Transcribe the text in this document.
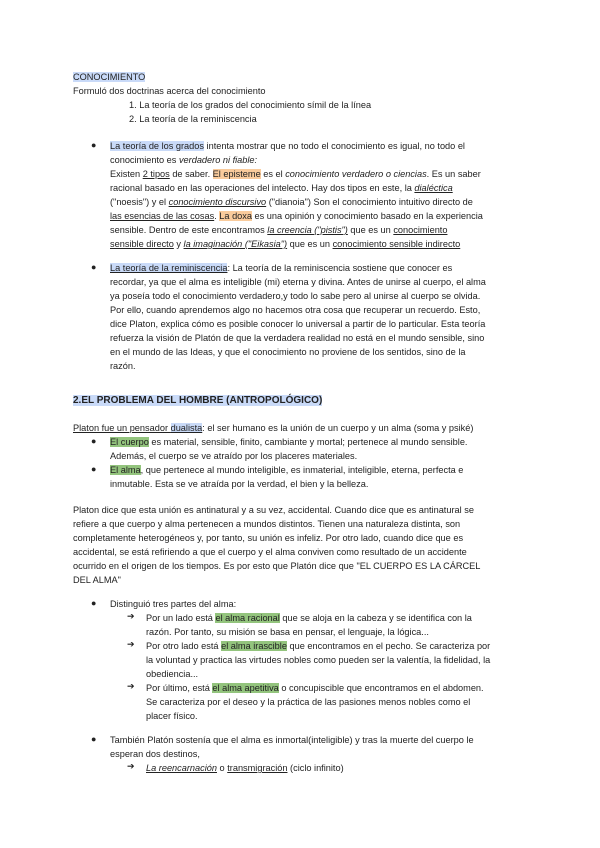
CONOCIMIENTO

Formuló dos doctrinas acerca del conocimiento

1. La teoría de los grados del conocimiento símil de la línea

2. La teoría de la reminiscencia

● La teoría de los grados intenta mostrar que no todo el conocimiento es igual, no todo el

conocimiento es verdadero ni fiable:

Existen 2 tipos de saber. El episteme es el conocimiento verdadero o ciencias. Es un saber

racional basado en las operaciones del intelecto. Hay dos tipos en este, la dialéctica

("noesis") y el conocimiento discursivo ("dianoia") Son el conocimiento intuitivo directo de

las esencias de las cosas. La doxa es una opinión y conocimiento basado en la experiencia

sensible. Dentro de este encontramos la creencia ("pistis") que es un conocimiento

sensible directo y la imaginación ("Eikasia") que es un conocimiento sensible indirecto

● La teoría de la reminiscencia: La teoría de la reminiscencia sostiene que conocer es

recordar, ya que el alma es inteligible (mi) eterna y divina. Antes de unirse al cuerpo, el alma

ya poseía todo el conocimiento verdadero,y todo lo sabe pero al unirse al cuerpo se olvida.

Por ello, cuando aprendemos algo no hacemos otra cosa que recuperar un recuerdo. Esto,

dice Platon, explica cómo es posible conocer lo universal a partir de lo particular. Esta teoría

refuerza la visión de Platón de que la verdadera realidad no está en el mundo sensible, sino

en el mundo de las Ideas, y que el conocimiento no proviene de los sentidos, sino de la

razón.

2.EL PROBLEMA DEL HOMBRE (ANTROPOLÓGICO)

Platon fue un pensador dualista: el ser humano es la unión de un cuerpo y un alma (soma y psiké)

● El cuerpo es material, sensible, finito, cambiante y mortal; pertenece al mundo sensible.

Además, el cuerpo se ve atraído por los placeres materiales.

● El alma, que pertenece al mundo inteligible, es inmaterial, inteligible, eterna, perfecta e

inmutable. Esta se ve atraída por la verdad, el bien y la belleza.

Platon dice que esta unión es antinatural y a su vez, accidental. Cuando dice que es antinatural se

refiere a que cuerpo y alma pertenecen a mundos distintos. Tienen una naturaleza distinta, son

completamente heterogéneos y, por tanto, su unión es infeliz. Por otro lado, cuando dice que es

accidental, se está refiriendo a que el cuerpo y el alma conviven como resultado de un accidente

ocurrido en el origen de los tiempos. Es por esto que Platón dice que "EL CUERPO ES LA CÁRCEL

DEL ALMA"

● Distinguió tres partes del alma:

➔ Por un lado está el alma racional que se aloja en la cabeza y se identifica con la

razón. Por tanto, su misión se basa en pensar, el lenguaje, la lógica...

➔ Por otro lado está el alma irascible que encontramos en el pecho. Se caracteriza por

la voluntad y practica las virtudes nobles como pueden ser la valentía, la fidelidad, la

obediencia...

➔ Por último, está el alma apetitiva o concupiscible que encontramos en el abdomen.

Se caracteriza por el deseo y la práctica de las pasiones menos nobles como el

placer físico.

● También Platón sostenía que el alma es inmortal(inteligible) y tras la muerte del cuerpo le

esperan dos destinos,

➔ La reencarnación o transmigración (ciclo infinito)
